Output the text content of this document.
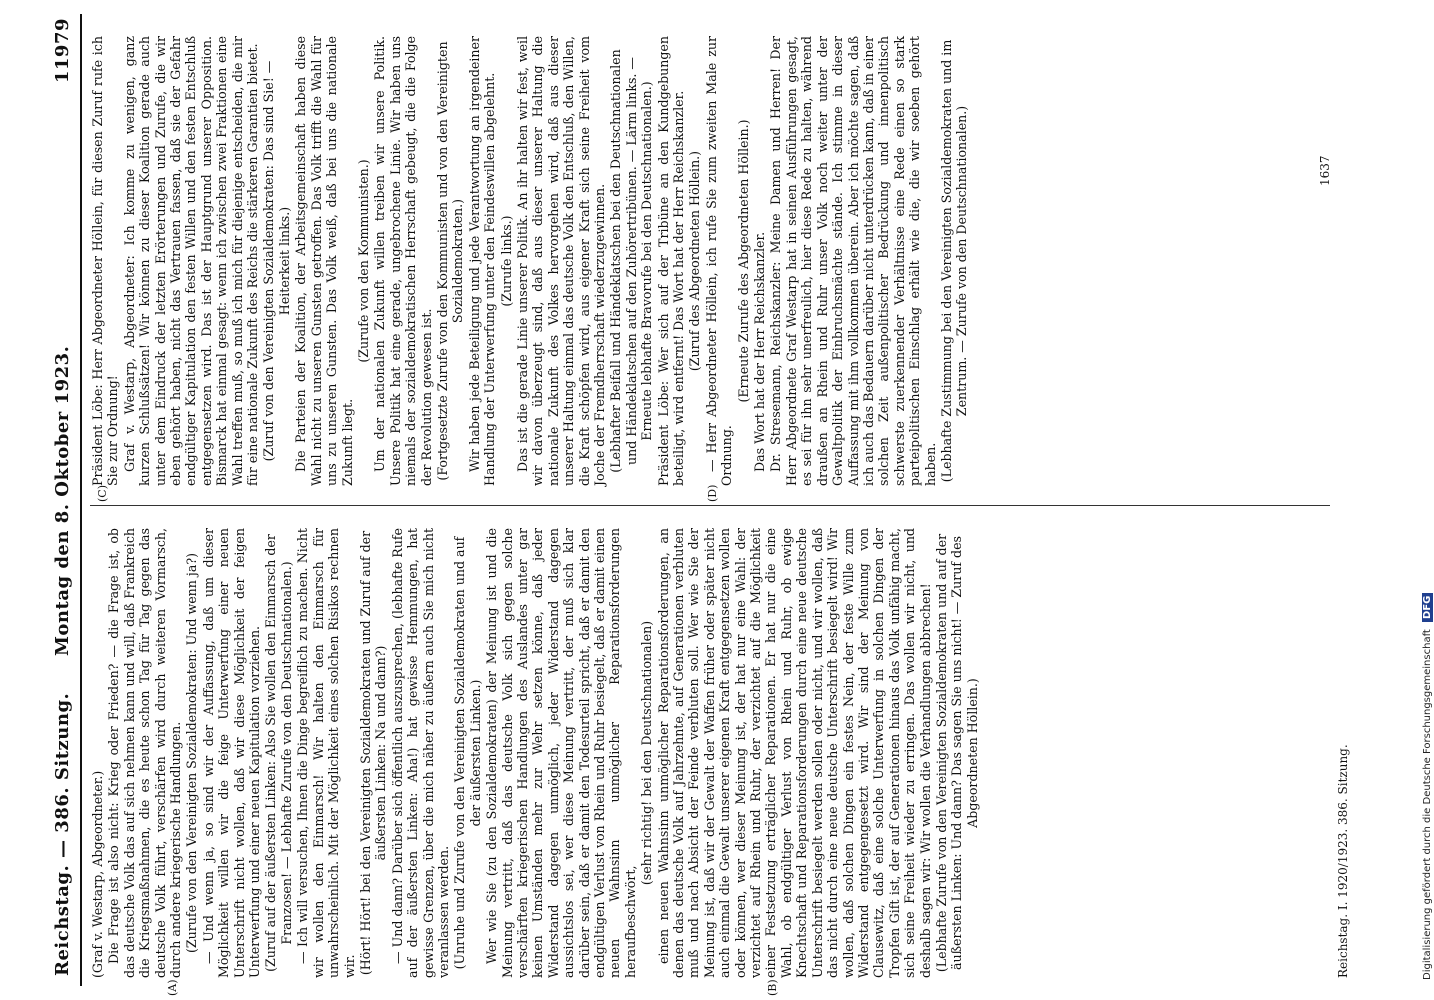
Reichstag. — 386. Sitzung.
Montag den 8. Oktober 1923.
11979
(A)	(B)
(C)	(D)

(Graf v. Westarp, Abgeordneter.) Die Frage ist also nicht: Krieg oder Frieden? — die Frage ist, ob das deutsche Volk das auf sich nehmen kann und will, daß Frankreich die Kriegsmaßnahmen, die es heute schon Tag für Tag gegen das deutsche Volk führt, verschärfen wird durch weiteren Vormarsch, durch andere kriegerische Handlungen. (Zurufe von den Vereinigten Sozialdemokraten: Und wenn ja?) — Und wenn ja, so sind wir der Auffassung, daß um dieser Möglichkeit willen wir die feige Unterwerfung einer neuen Unterschrift nicht wollen, daß wir diese Möglichkeit der feigen Unterwerfung und einer neuen Kapitulation vorziehen. (Zuruf auf der äußersten Linken: Also Sie wollen den Einmarsch der Franzosen! — Lebhafte Zurufe von den Deutschnationalen.) — Ich will versuchen, Ihnen die Dinge begreiflich zu machen. Nicht wir wollen den Einmarsch! Wir halten den Einmarsch für unwahrscheinlich. Mit der Möglichkeit eines solchen Risikos rechnen wir. (Hört! Hört! bei den Vereinigten Sozialdemokraten und Zuruf auf der äußersten Linken: Na und dann?) — Und dann? Darüber sich öffentlich auszusprechen, (lebhafte Rufe auf der äußersten Linken: Aha!) hat gewisse Hemmungen, hat gewisse Grenzen, über die mich näher zu äußern auch Sie mich nicht veranlassen werden. (Unruhe und Zurufe von den Vereinigten Sozialdemokraten und auf der äußersten Linken.) Wer wie Sie (zu den Sozialdemokraten) der Meinung ist und die Meinung vertritt, daß das deutsche Volk sich gegen solche verschärften kriegerischen Handlungen des Auslandes unter gar keinen Umständen mehr zur Wehr setzen könne, daß jeder Widerstand dagegen unmöglich, jeder Widerstand dagegen aussichtslos sei, wer diese Meinung vertritt, der muß sich klar darüber sein, daß er damit den Todesurteil spricht, daß er damit den endgültigen Verlust von Rhein und Ruhr besiegelt, daß er damit einen neuen Wahnsinn unmöglicher Reparationsforderungen heraufbeschwört,

(sehr richtig! bei den Deutschnationalen) einen neuen Wahnsinn unmöglicher Reparationsforderungen, an denen das deutsche Volk auf Jahrzehnte, auf Generationen verbluten muß und nach Absicht der Feinde verbluten soll. Wer wie Sie der Meinung ist, daß wir der Gewalt der Waffen früher oder später nicht auch einmal die Gewalt unserer eigenen Kraft entgegensetzen wollen oder können, wer dieser Meinung ist, der hat nur eine Wahl: der verzichtet auf Rhein und Ruhr, der verzichtet auf die Möglichkeit einer Festsetzung erträglicher Reparationen. Er hat nur die eine Wahl, ob endgültiger Verlust von Rhein und Ruhr, ob ewige Knechtschaft und Reparationsforderungen durch eine neue deutsche Unterschrift besiegelt werden sollen oder nicht, und wir wollen, daß das nicht durch eine neue deutsche Unterschrift besiegelt wird! Wir wollen, daß solchen Dingen ein festes Nein, der feste Wille zum Widerstand entgegengesetzt wird. Wir sind der Meinung von Clausewitz, daß eine solche Unterwerfung in solchen Dingen der Tropfen Gift ist, der auf Generationen hinaus das Volk unfähig macht, sich seine Freiheit wieder zu erringen. Das wollen wir nicht, und deshalb sagen wir: Wir wollen die Verhandlungen abbrechen! (Lebhafte Zurufe von den Vereinigten Sozialdemokraten und auf der äußersten Linken: Und dann? Das sagen Sie uns nicht! — Zuruf des Abgeordneten Höllein.)

Präsident Löbe: Herr Abgeordneter Höllein, für diesen Zuruf rufe ich Sie zur Ordnung! Graf v. Westarp, Abgeordneter: Ich komme zu wenigen, ganz kurzen Schlußsätzen! Wir können zu dieser Koalition gerade auch unter dem Eindruck der letzten Erörterungen und Zurufe, die wir eben gehört haben, nicht das Vertrauen fassen, daß sie der Gefahr endgültiger Kapitulation den festen Willen und den festen Entschluß entgegensetzen wird. Das ist der Hauptgrund unserer Opposition. Bismarck hat einmal gesagt: wenn ich zwischen zwei Fraktionen eine Wahl treffen muß, so muß ich mich für diejenige entscheiden, die mir für eine nationale Zukunft des Reichs die stärkeren Garantien bietet. (Zuruf von den Vereinigten Sozialdemokraten: Das sind Sie! — Heiterkeit links.) Die Parteien der Koalition, der Arbeitsgemeinschaft haben diese Wahl nicht zu unseren Gunsten getroffen. Das Volk trifft die Wahl für uns zu unseren Gunsten. Das Volk weiß, daß bei uns die nationale Zukunft liegt.

(Zurufe von den Kommunisten.) Um der nationalen Zukunft willen treiben wir unsere Politik. Unsere Politik hat eine gerade, ungebrochene Linie. Wir haben uns niemals der sozialdemokratischen Herrschaft gebeugt, die die Folge der Revolution gewesen ist. (Fortgesetzte Zurufe von den Kommunisten und von den Vereinigten Sozialdemokraten.) Wir haben jede Beteiligung und jede Verantwortung an irgendeiner Handlung der Unterwerfung unter den Feindeswillen abgelehnt. (Zurufe links.) Das ist die gerade Linie unserer Politik. An ihr halten wir fest, weil wir davon überzeugt sind, daß aus dieser unserer Haltung die nationale Zukunft des Volkes hervorgehen wird, daß aus dieser unserer Haltung einmal das deutsche Volk den Entschluß, den Willen, die Kraft schöpfen wird, aus eigener Kraft sich seine Freiheit vom Joche der Fremdherrschaft wiederzugewinnen. (Lebhafter Beifall und Händeklatschen bei den Deutschnationalen und Händeklatschen auf den Zuhörertribünen. — Lärm links. — Erneute lebhafte Bravorufe bei den Deutschnationalen.) Präsident Löbe: Wer sich auf der Tribüne an den Kundgebungen beteiligt, wird entfernt! Das Wort hat der Herr Reichskanzler. (Zuruf des Abgeordneten Höllein.) — Herr Abgeordneter Höllein, ich rufe Sie zum zweiten Male zur Ordnung.

(Erneute Zurufe des Abgeordneten Höllein.) Das Wort hat der Herr Reichskanzler. Dr. Stresemann, Reichskanzler: Meine Damen und Herren! Der Herr Abgeordnete Graf Westarp hat in seinen Ausführungen gesagt, es sei für ihn sehr unerfreulich, hier diese Rede zu halten, während draußen an Rhein und Ruhr unser Volk noch weiter unter der Gewaltpolitik der Einbruchsmächte stände. Ich stimme in dieser Auffassung mit ihm vollkommen überein. Aber ich möchte sagen, daß ich auch das Bedauern darüber nicht unterdrücken kann, daß in einer solchen Zeit außenpolitischer Bedrückung und innenpolitisch schwerste zuerkennender Verhältnisse eine Rede einen so stark parteipolitischen Einschlag erhält wie die, die wir soeben gehört haben. (Lebhafte Zustimmung bei den Vereinigten Sozialdemokraten und im Zentrum. — Zurufe von den Deutschnationalen.)

Reichstag. I. 1920/1923. 386. Sitzung.
1637
Digitalisierung gefördert durch die Deutsche Forschungsgemeinschaft DFG
